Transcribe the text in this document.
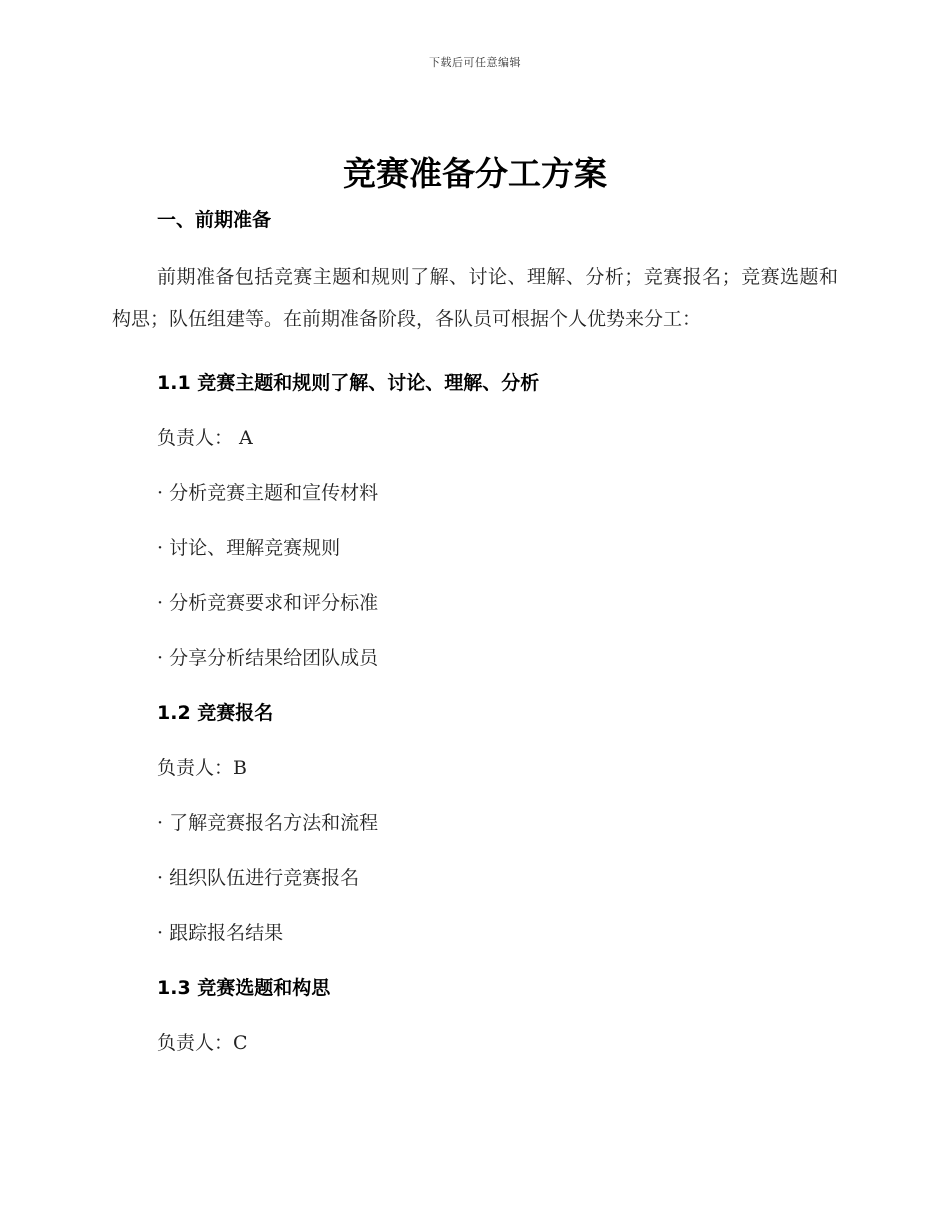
下载后可任意编辑
竞赛准备分工方案
一、前期准备

前期准备包括竞赛主题和规则了解、讨论、理解、分析；竞赛报名；竞赛选题和构思；队伍组建等。在前期准备阶段，各队员可根据个人优势来分工：

1.1 竞赛主题和规则了解、讨论、理解、分析

负责人： A

· 分析竞赛主题和宣传材料

· 讨论、理解竞赛规则

· 分析竞赛要求和评分标准

· 分享分析结果给团队成员

1.2 竞赛报名

负责人：B

· 了解竞赛报名方法和流程

· 组织队伍进行竞赛报名

· 跟踪报名结果

1.3 竞赛选题和构思

负责人：C
